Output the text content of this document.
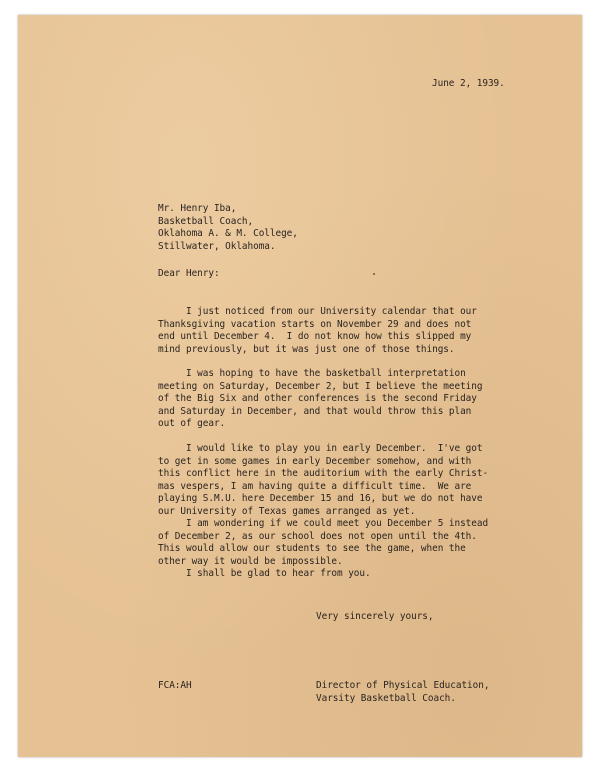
June 2, 1939.

Mr. Henry Iba,
Basketball Coach,
Oklahoma A. & M. College,
Stillwater, Oklahoma.

Dear Henry:

I just noticed from our University calendar that our
Thanksgiving vacation starts on November 29 and does not
end until December 4.  I do not know how this slipped my
mind previously, but it was just one of those things.
I was hoping to have the basketball interpretation
meeting on Saturday, December 2, but I believe the meeting
of the Big Six and other conferences is the second Friday
and Saturday in December, and that would throw this plan
out of gear.
I would like to play you in early December.  I've got
to get in some games in early December somehow, and with
this conflict here in the auditorium with the early Christ-
mas vespers, I am having quite a difficult time.  We are
playing S.M.U. here December 15 and 16, but we do not have
our University of Texas games arranged as yet.
I am wondering if we could meet you December 5 instead
of December 2, as our school does not open until the 4th.
This would allow our students to see the game, when the
other way it would be impossible.
I shall be glad to hear from you.

Very sincerely yours,

FCA:AH	Director of Physical Education,
Varsity Basketball Coach.
